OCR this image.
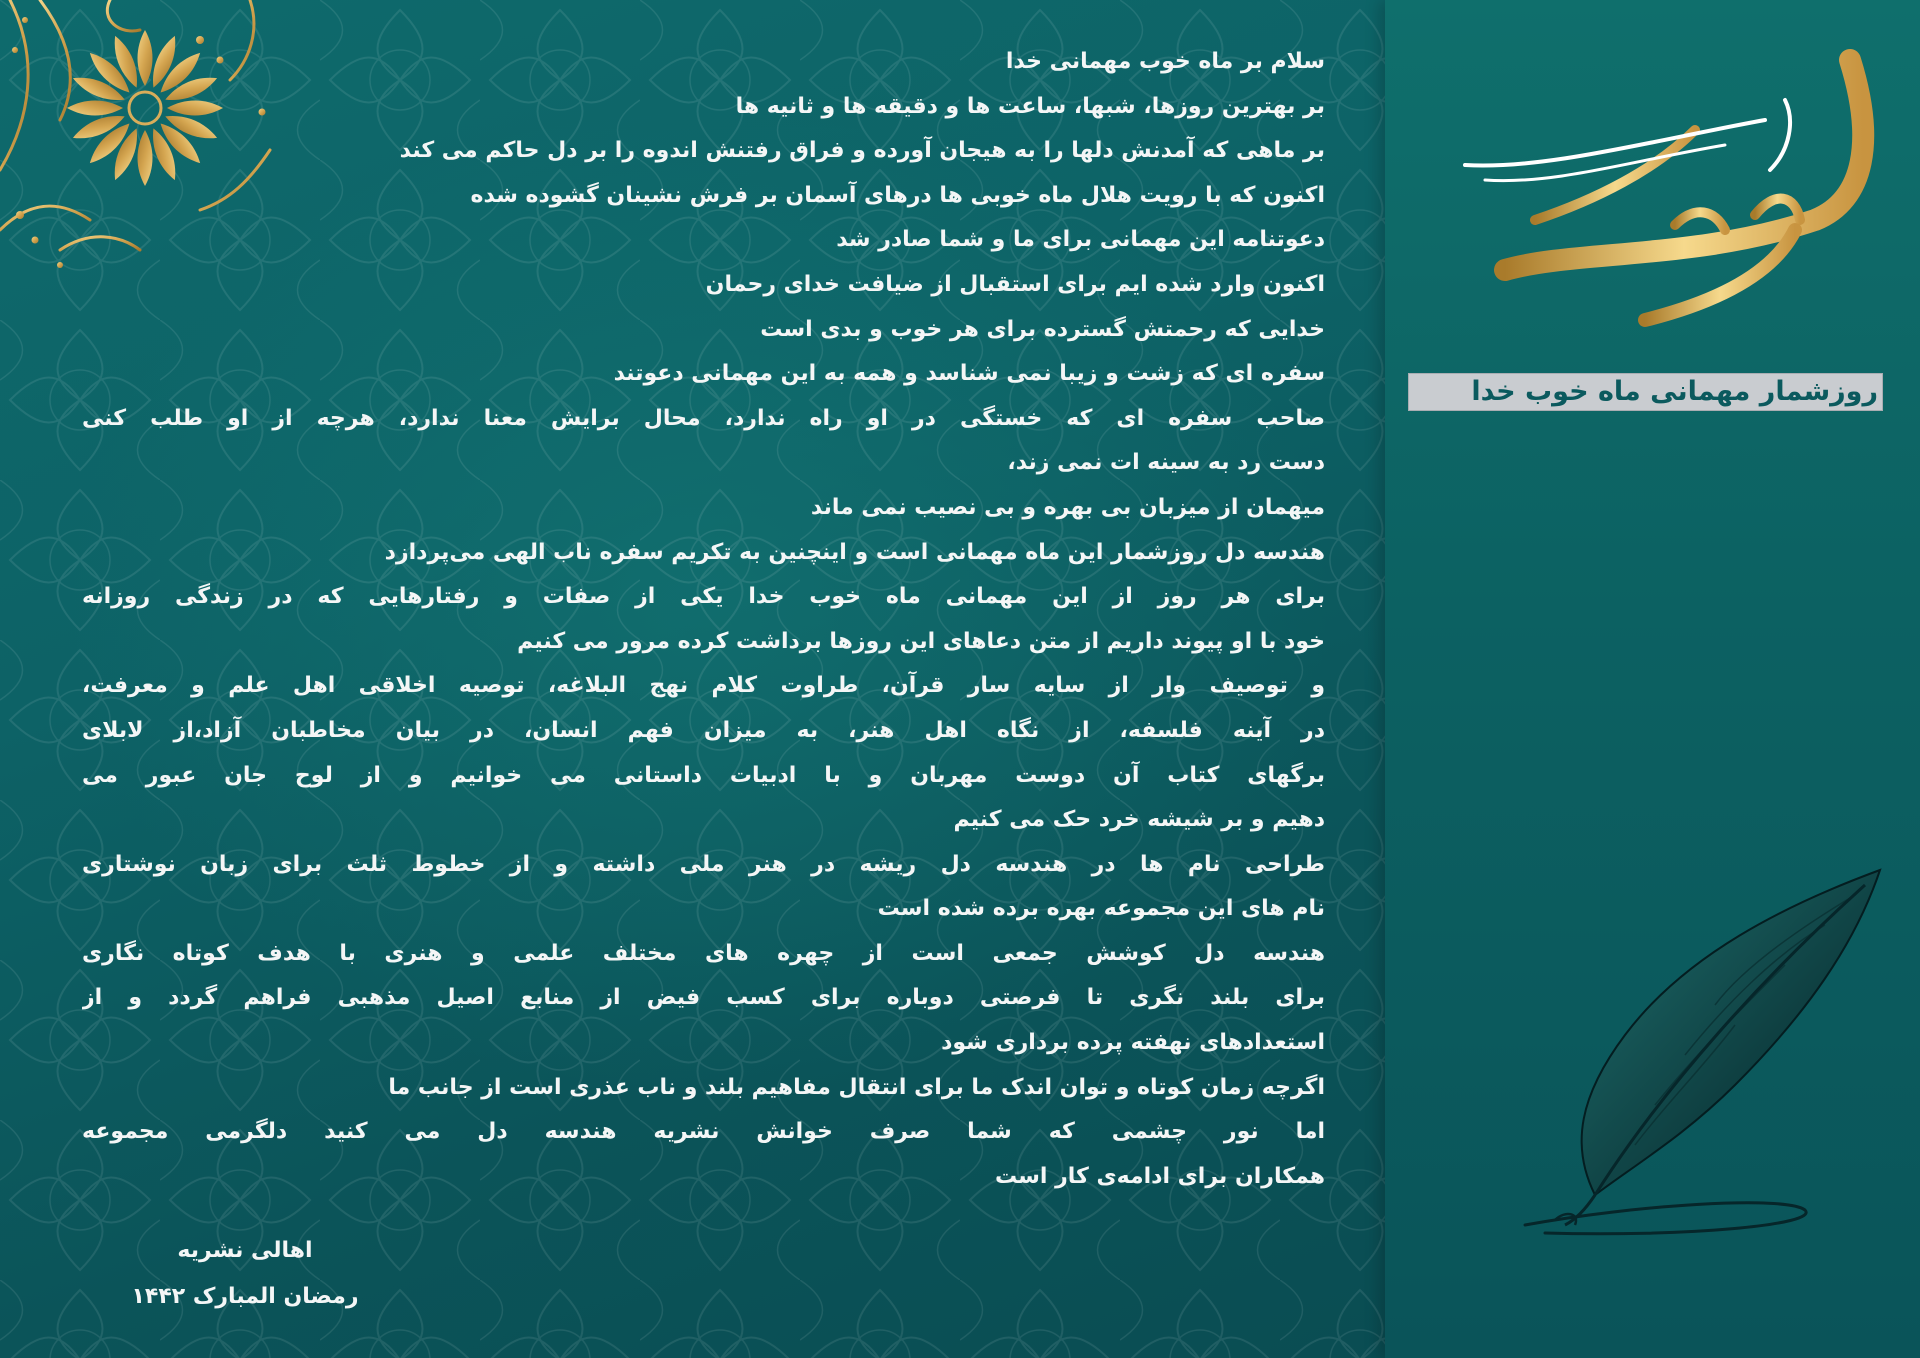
هندسه دل
روزشمار مهمانی ماه خوب خدا
سلام بر ماه خوب مهمانی خدا
بر بهترین روزها، شبها، ساعت ها و دقیقه ها و ثانیه ها
بر ماهی که آمدنش دلها را به هیجان آورده و فراق رفتنش اندوه را بر دل حاکم می کند
اکنون که با رویت هلال ماه خوبی ها درهای آسمان بر فرش نشینان گشوده شده
دعوتنامه این مهمانی برای ما و شما صادر شد
اکنون وارد شده ایم برای استقبال از ضیافت خدای رحمان
خدایی که رحمتش گسترده برای هر خوب و بدی است
سفره ای که زشت و زیبا نمی شناسد و همه به این مهمانی دعوتند
صاحب سفره ای که خستگی در او راه ندارد، محال برایش معنا ندارد، هرچه از او طلب کنی
دست رد به سینه ات نمی زند،
میهمان از میزبان بی بهره و بی نصیب نمی ماند
هندسه دل روزشمار این ماه مهمانی است و اینچنین به تکریم سفره ناب الهی می‌پردازد
برای هر روز از این مهمانی ماه خوب خدا یکی از صفات و رفتارهایی که در زندگی روزانه
خود با او پیوند داریم از متن دعاهای این روزها برداشت کرده مرور می کنیم
و توصیف وار از سایه سار قرآن، طراوت کلام نهج البلاغه، توصیه اخلاقی اهل علم و معرفت،
در آینه فلسفه، از نگاه اهل هنر، به میزان فهم انسان، در بیان مخاطبان آزاد،از لابلای
برگهای کتاب آن دوست مهربان و با ادبیات داستانی می خوانیم و از لوح جان عبور می
دهیم و بر شیشه خرد حک می کنیم
طراحی نام ها در هندسه دل ریشه در هنر ملی داشته و از خطوط ثلث برای زبان نوشتاری
نام های این مجموعه بهره برده شده است
هندسه دل کوشش جمعی است از چهره های مختلف علمی و هنری با هدف کوتاه نگاری
برای بلند نگری تا فرصتی دوباره برای کسب فیض از منابع اصیل مذهبی فراهم گردد و از
استعدادهای نهفته پرده برداری شود
اگرچه زمان کوتاه و توان اندک ما برای انتقال مفاهیم بلند و ناب عذری است از جانب ما
اما نور چشمی که شما صرف خوانش نشریه هندسه دل می کنید دلگرمی مجموعه
همکاران برای ادامه‌ی کار است
اهالی نشریه
رمضان المبارک ۱۴۴۲
